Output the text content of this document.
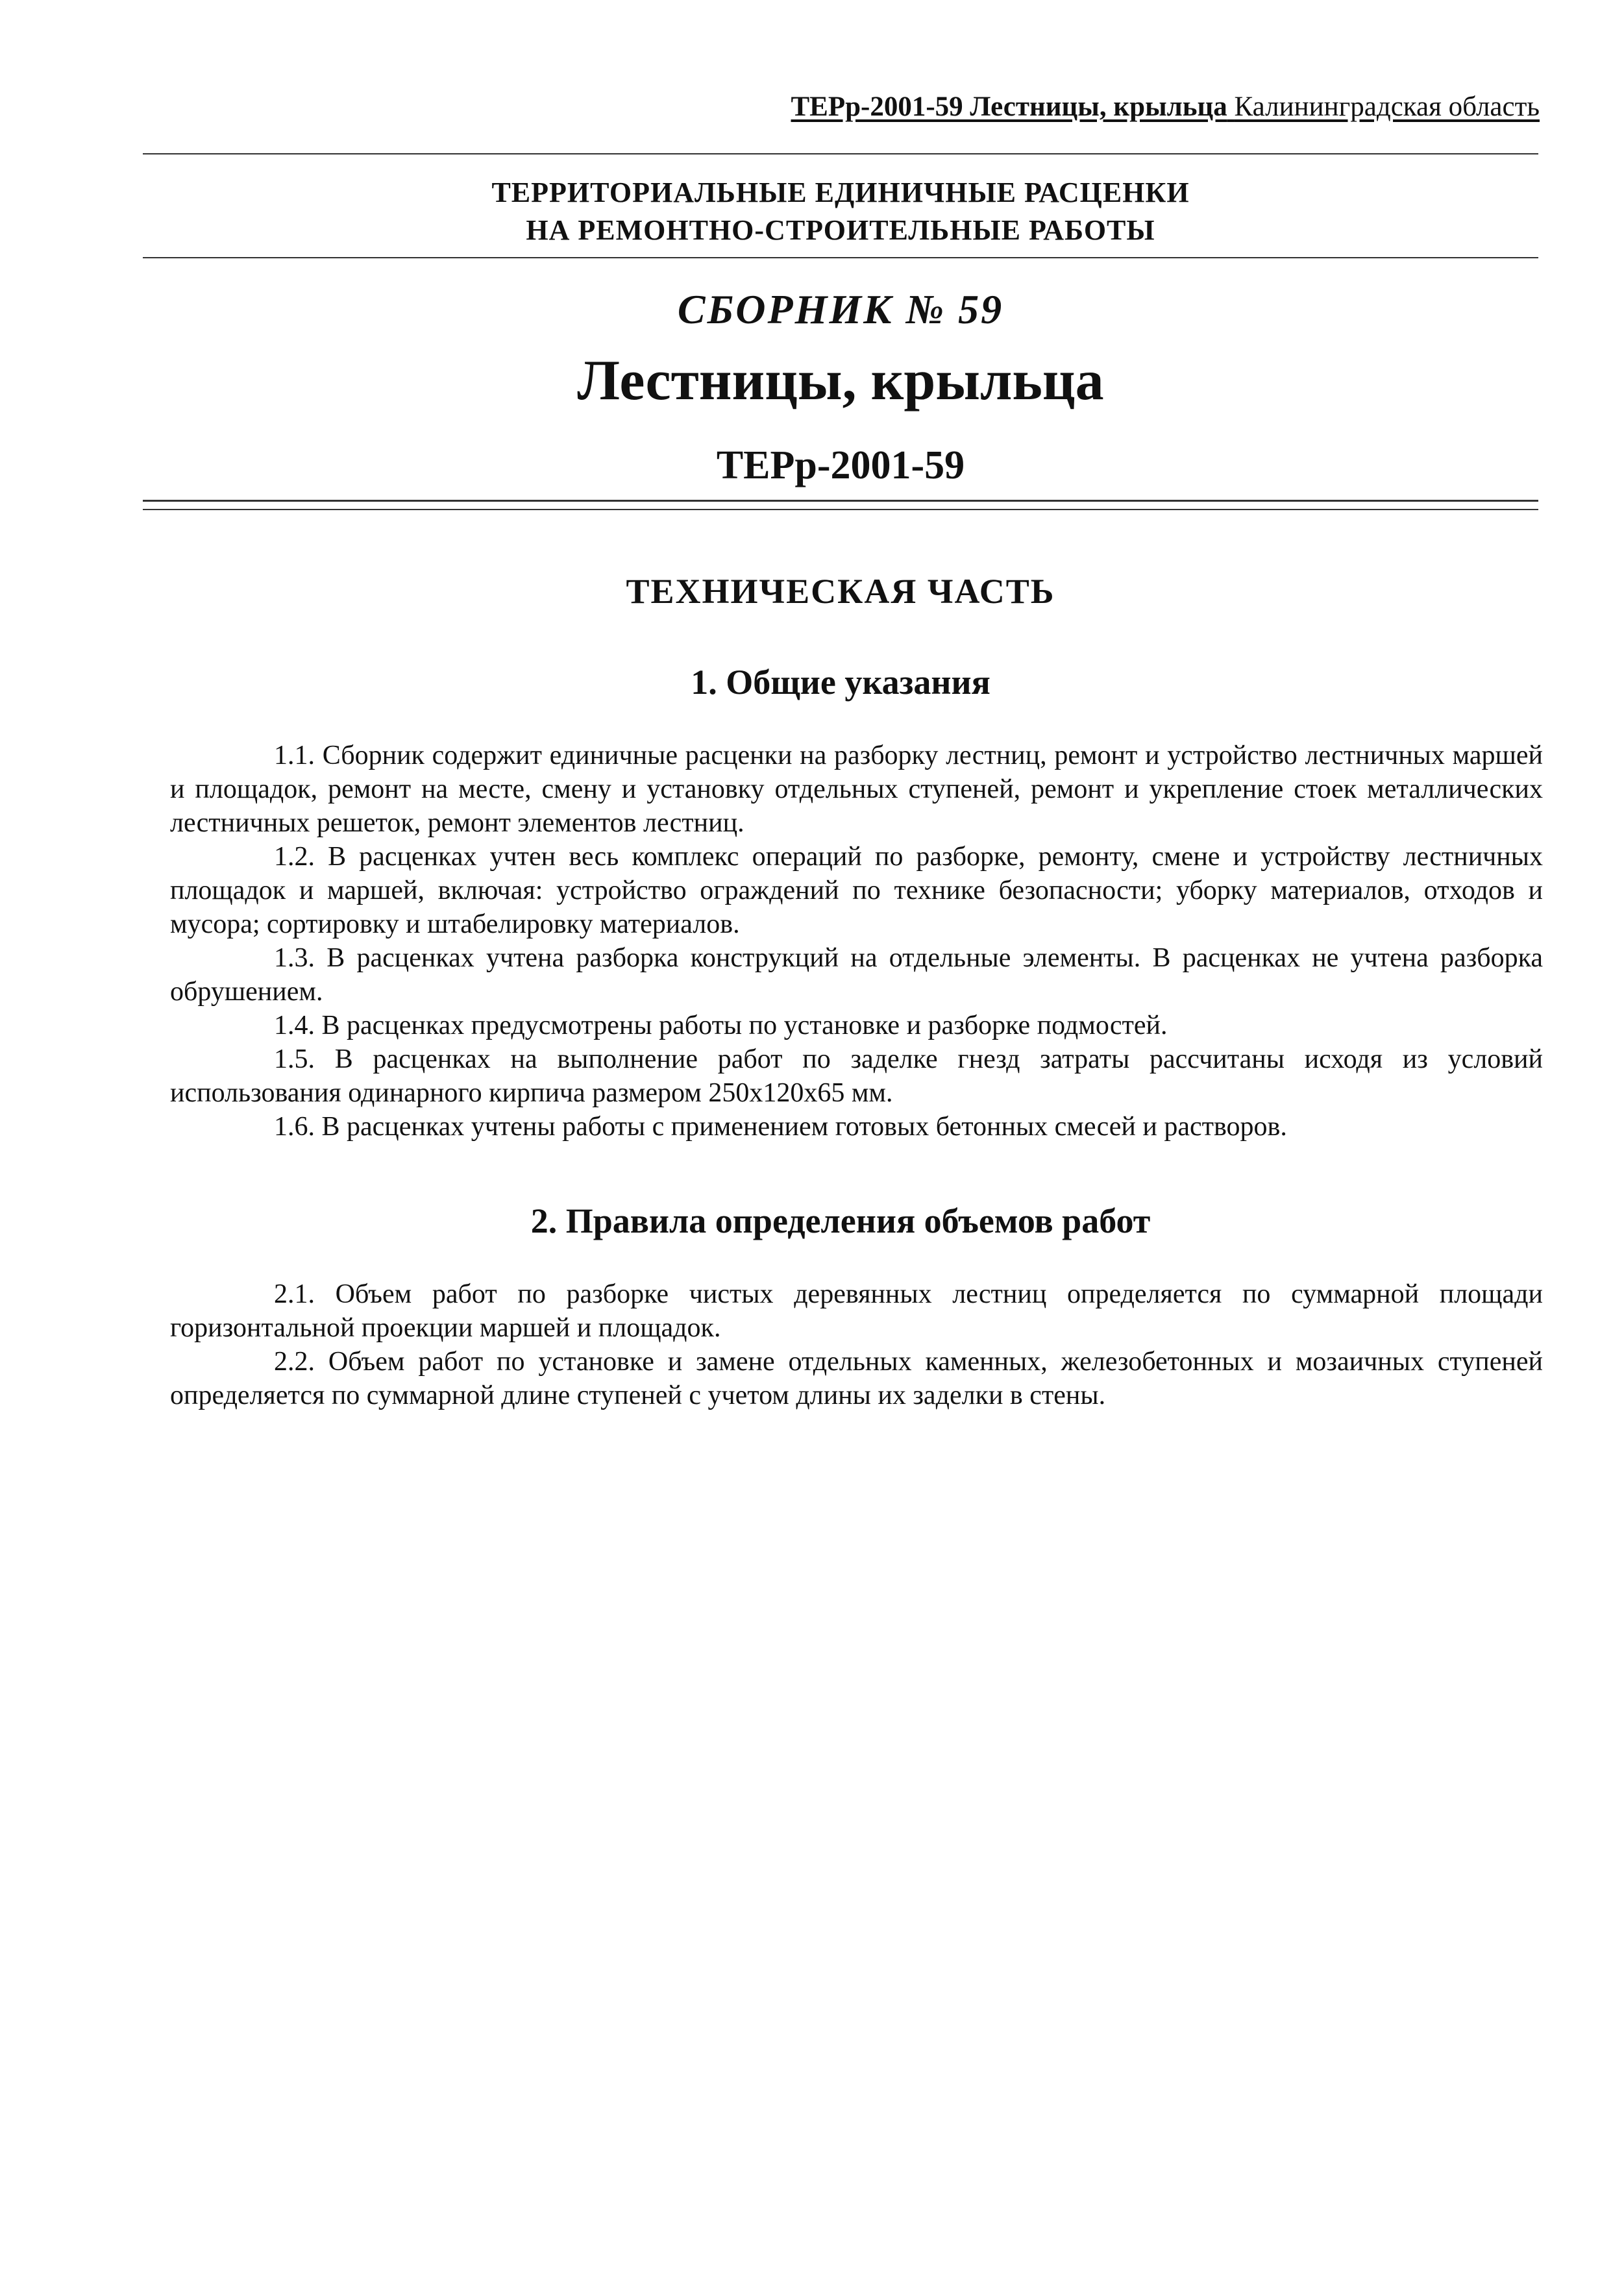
ТЕРр-2001-59 Лестницы, крыльца Калининградская область
ТЕРРИТОРИАЛЬНЫЕ ЕДИНИЧНЫЕ РАСЦЕНКИ
НА РЕМОНТНО-СТРОИТЕЛЬНЫЕ РАБОТЫ
СБОРНИК № 59
Лестницы, крыльца
ТЕРр-2001-59
ТЕХНИЧЕСКАЯ ЧАСТЬ
1. Общие указания

1.1. Сборник содержит единичные расценки на разборку лестниц, ремонт и устройство лестничных маршей и площадок, ремонт на месте, смену и установку отдельных ступеней, ремонт и укрепление стоек металлических лестничных решеток, ремонт элементов лестниц.

1.2. В расценках учтен весь комплекс операций по разборке, ремонту, смене и устройству лестничных площадок и маршей, включая: устройство ограждений по технике безопасности; уборку материалов, отходов и мусора; сортировку и штабелировку материалов.

1.3. В расценках учтена разборка конструкций на отдельные элементы. В расценках не учтена разборка обрушением.

1.4. В расценках предусмотрены работы по установке и разборке подмостей.

1.5. В расценках на выполнение работ по заделке гнезд затраты рассчитаны исходя из условий использования одинарного кирпича размером 250х120х65 мм.

1.6. В расценках учтены работы с применением готовых бетонных смесей и растворов.

2. Правила определения объемов работ

2.1. Объем работ по разборке чистых деревянных лестниц определяется по суммарной площади горизонтальной проекции маршей и площадок.

2.2. Объем работ по установке и замене отдельных каменных, железобетонных и мозаичных ступеней определяется по суммарной длине ступеней с учетом длины их заделки в стены.
